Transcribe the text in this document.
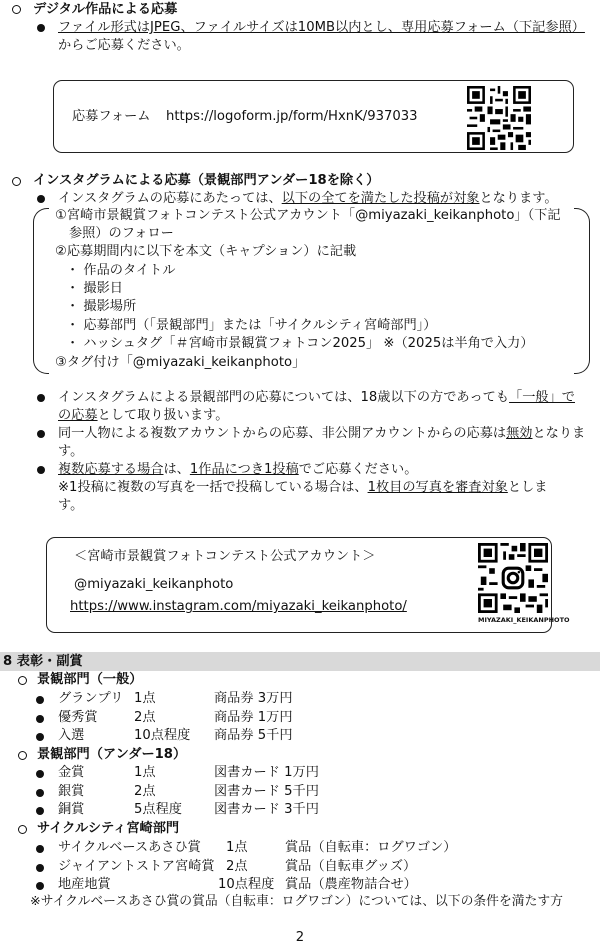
デジタル作品による応募
ファイル形式はJPEG、ファイルサイズは10MB以内とし、専用応募フォーム（下記参照）
からご応募ください。
応募フォーム https://logoform.jp/form/HxnK/937033
インスタグラムによる応募（景観部門アンダー18を除く）
インスタグラムの応募にあたっては、以下の全てを満たした投稿が対象となります。
①宮崎市景観賞フォトコンテスト公式アカウント「@miyazaki_keikanphoto」（下記
参照）のフォロー
②応募期間内に以下を本文（キャプション）に記載
・ 作品のタイトル
・ 撮影日
・ 撮影場所
・ 応募部門（「景観部門」または「サイクルシティ宮崎部門」）
・ ハッシュタグ「＃宮崎市景観賞フォトコン2025」 ※（2025は半角で入力）
③タグ付け「@miyazaki_keikanphoto」
インスタグラムによる景観部門の応募については、18歳以下の方であっても「一般」で
の応募として取り扱います。
同一人物による複数アカウントからの応募、非公開アカウントからの応募は無効となりま
す。
複数応募する場合は、1作品につき1投稿でご応募ください。
※1投稿に複数の写真を一括で投稿している場合は、1枚目の写真を審査対象としま
す。
＜宮崎市景観賞フォトコンテスト公式アカウント＞
@miyazaki_keikanphoto
https://www.instagram.com/miyazaki_keikanphoto/
MIYAZAKI_KEIKANPHOTO
8 表彰・副賞
景観部門（一般）
グランプリ 1点	商品券 3万円
優秀賞	2点	商品券 1万円
入選	10点程度 商品券 5千円
景観部門（アンダー18）
金賞	1点	図書カード 1万円
銀賞	2点	図書カード 5千円
銅賞	5点程度 図書カード 3千円
サイクルシティ宮崎部門
サイクルベースあさひ賞 1点	賞品（自転車：ログワゴン）
ジャイアントストア宮崎賞 2点	賞品（自転車グッズ）
地産地賞	10点程度 賞品（農産物詰合せ）
※サイクルベースあさひ賞の賞品（自転車：ログワゴン）については、以下の条件を満たす方
2
